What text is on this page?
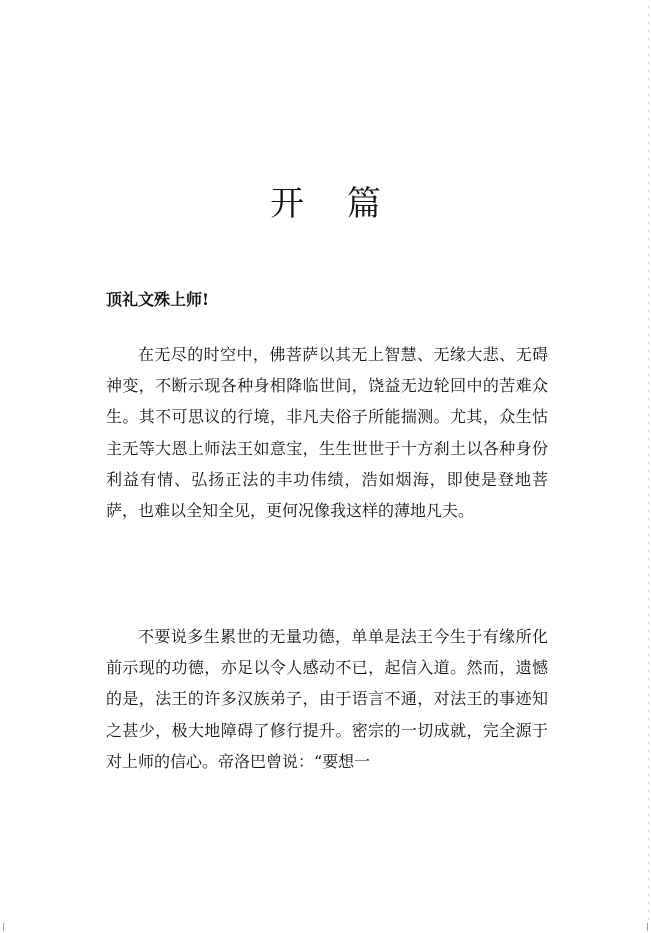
开 篇

顶礼文殊上师!

在无尽的时空中，佛菩萨以其无上智慧、无缘大悲、无碍神变，不断示现各种身相降临世间，饶益无边轮回中的苦难众生。其不可思议的行境，非凡夫俗子所能揣测。尤其，众生怙主无等大恩上师法王如意宝，生生世世于十方刹土以各种身份利益有情、弘扬正法的丰功伟绩，浩如烟海，即使是登地菩萨，也难以全知全见，更何况像我这样的薄地凡夫。

不要说多生累世的无量功德，单单是法王今生于有缘所化前示现的功德，亦足以令人感动不已，起信入道。然而，遗憾的是，法王的许多汉族弟子，由于语言不通，对法王的事迹知之甚少，极大地障碍了修行提升。密宗的一切成就，完全源于对上师的信心。帝洛巴曾说：“要想一
